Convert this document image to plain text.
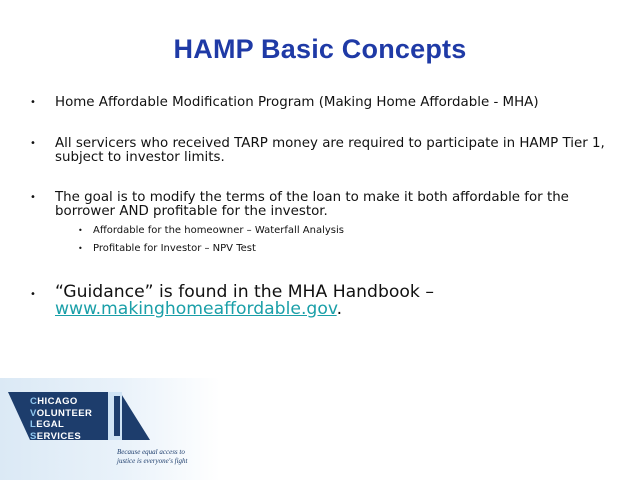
HAMP Basic Concepts
• Home Affordable Modification Program (Making Home Affordable - MHA)
• All servicers who received TARP money are required to participate in HAMP Tier 1, subject to investor limits.
• The goal is to modify the terms of the loan to make it both affordable for the borrower AND profitable for the investor.
• Affordable for the homeowner – Waterfall Analysis
• Profitable for Investor – NPV Test
• “Guidance” is found in the MHA Handbook – www.makinghomeaffordable.gov.
CHICAGO
VOLUNTEER
LEGAL
SERVICES
Because equal access to
justice is everyone's fight
